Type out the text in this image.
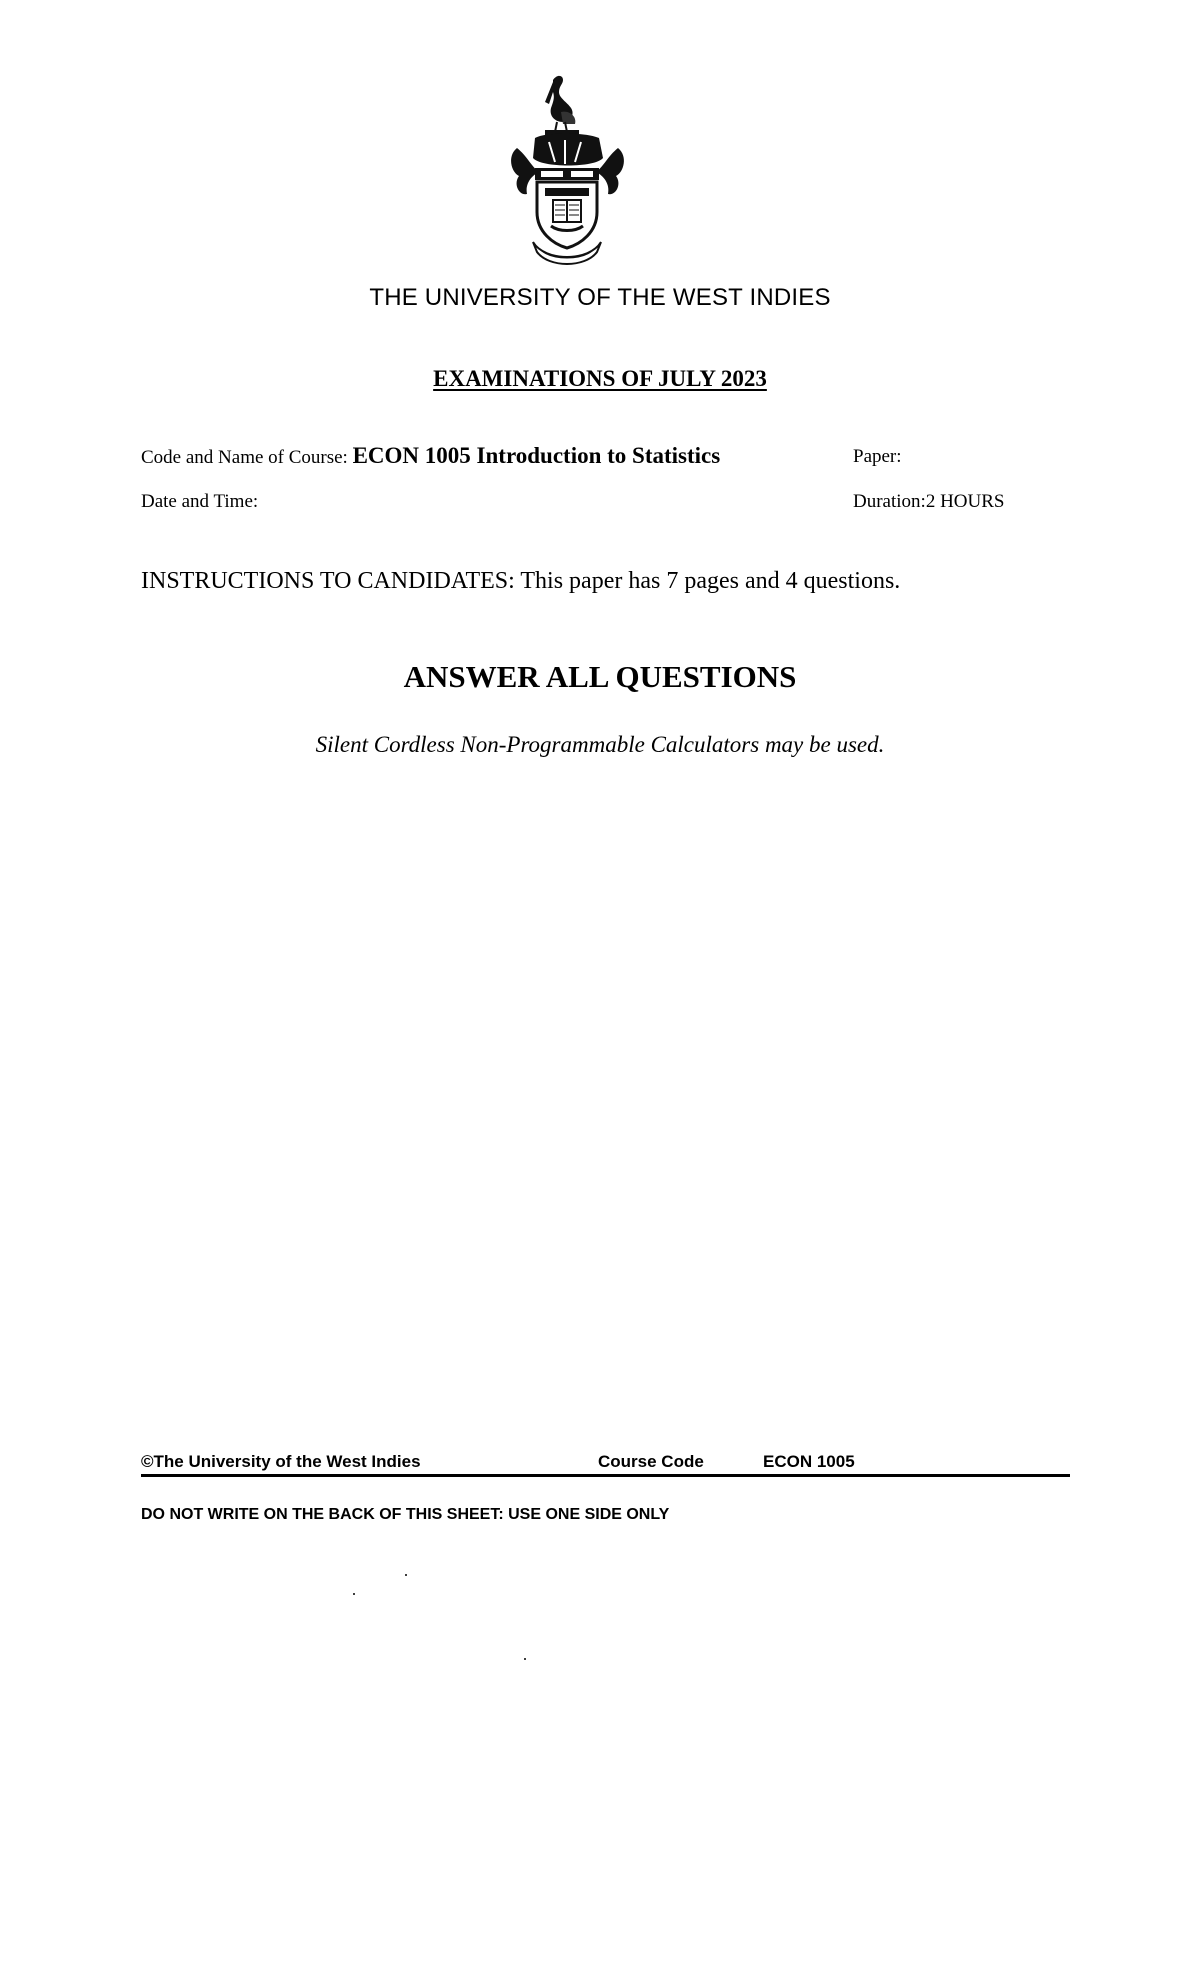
THE UNIVERSITY OF THE WEST INDIES
EXAMINATIONS OF JULY 2023
Code and Name of Course: ECON 1005 Introduction to Statistics	Paper:
Date and Time:	Duration:2 HOURS
INSTRUCTIONS TO CANDIDATES: This paper has 7 pages and 4 questions.
ANSWER ALL QUESTIONS
Silent Cordless Non-Programmable Calculators may be used.
©The University of the West Indies	Course Code	ECON 1005
DO NOT WRITE ON THE BACK OF THIS SHEET: USE ONE SIDE ONLY
